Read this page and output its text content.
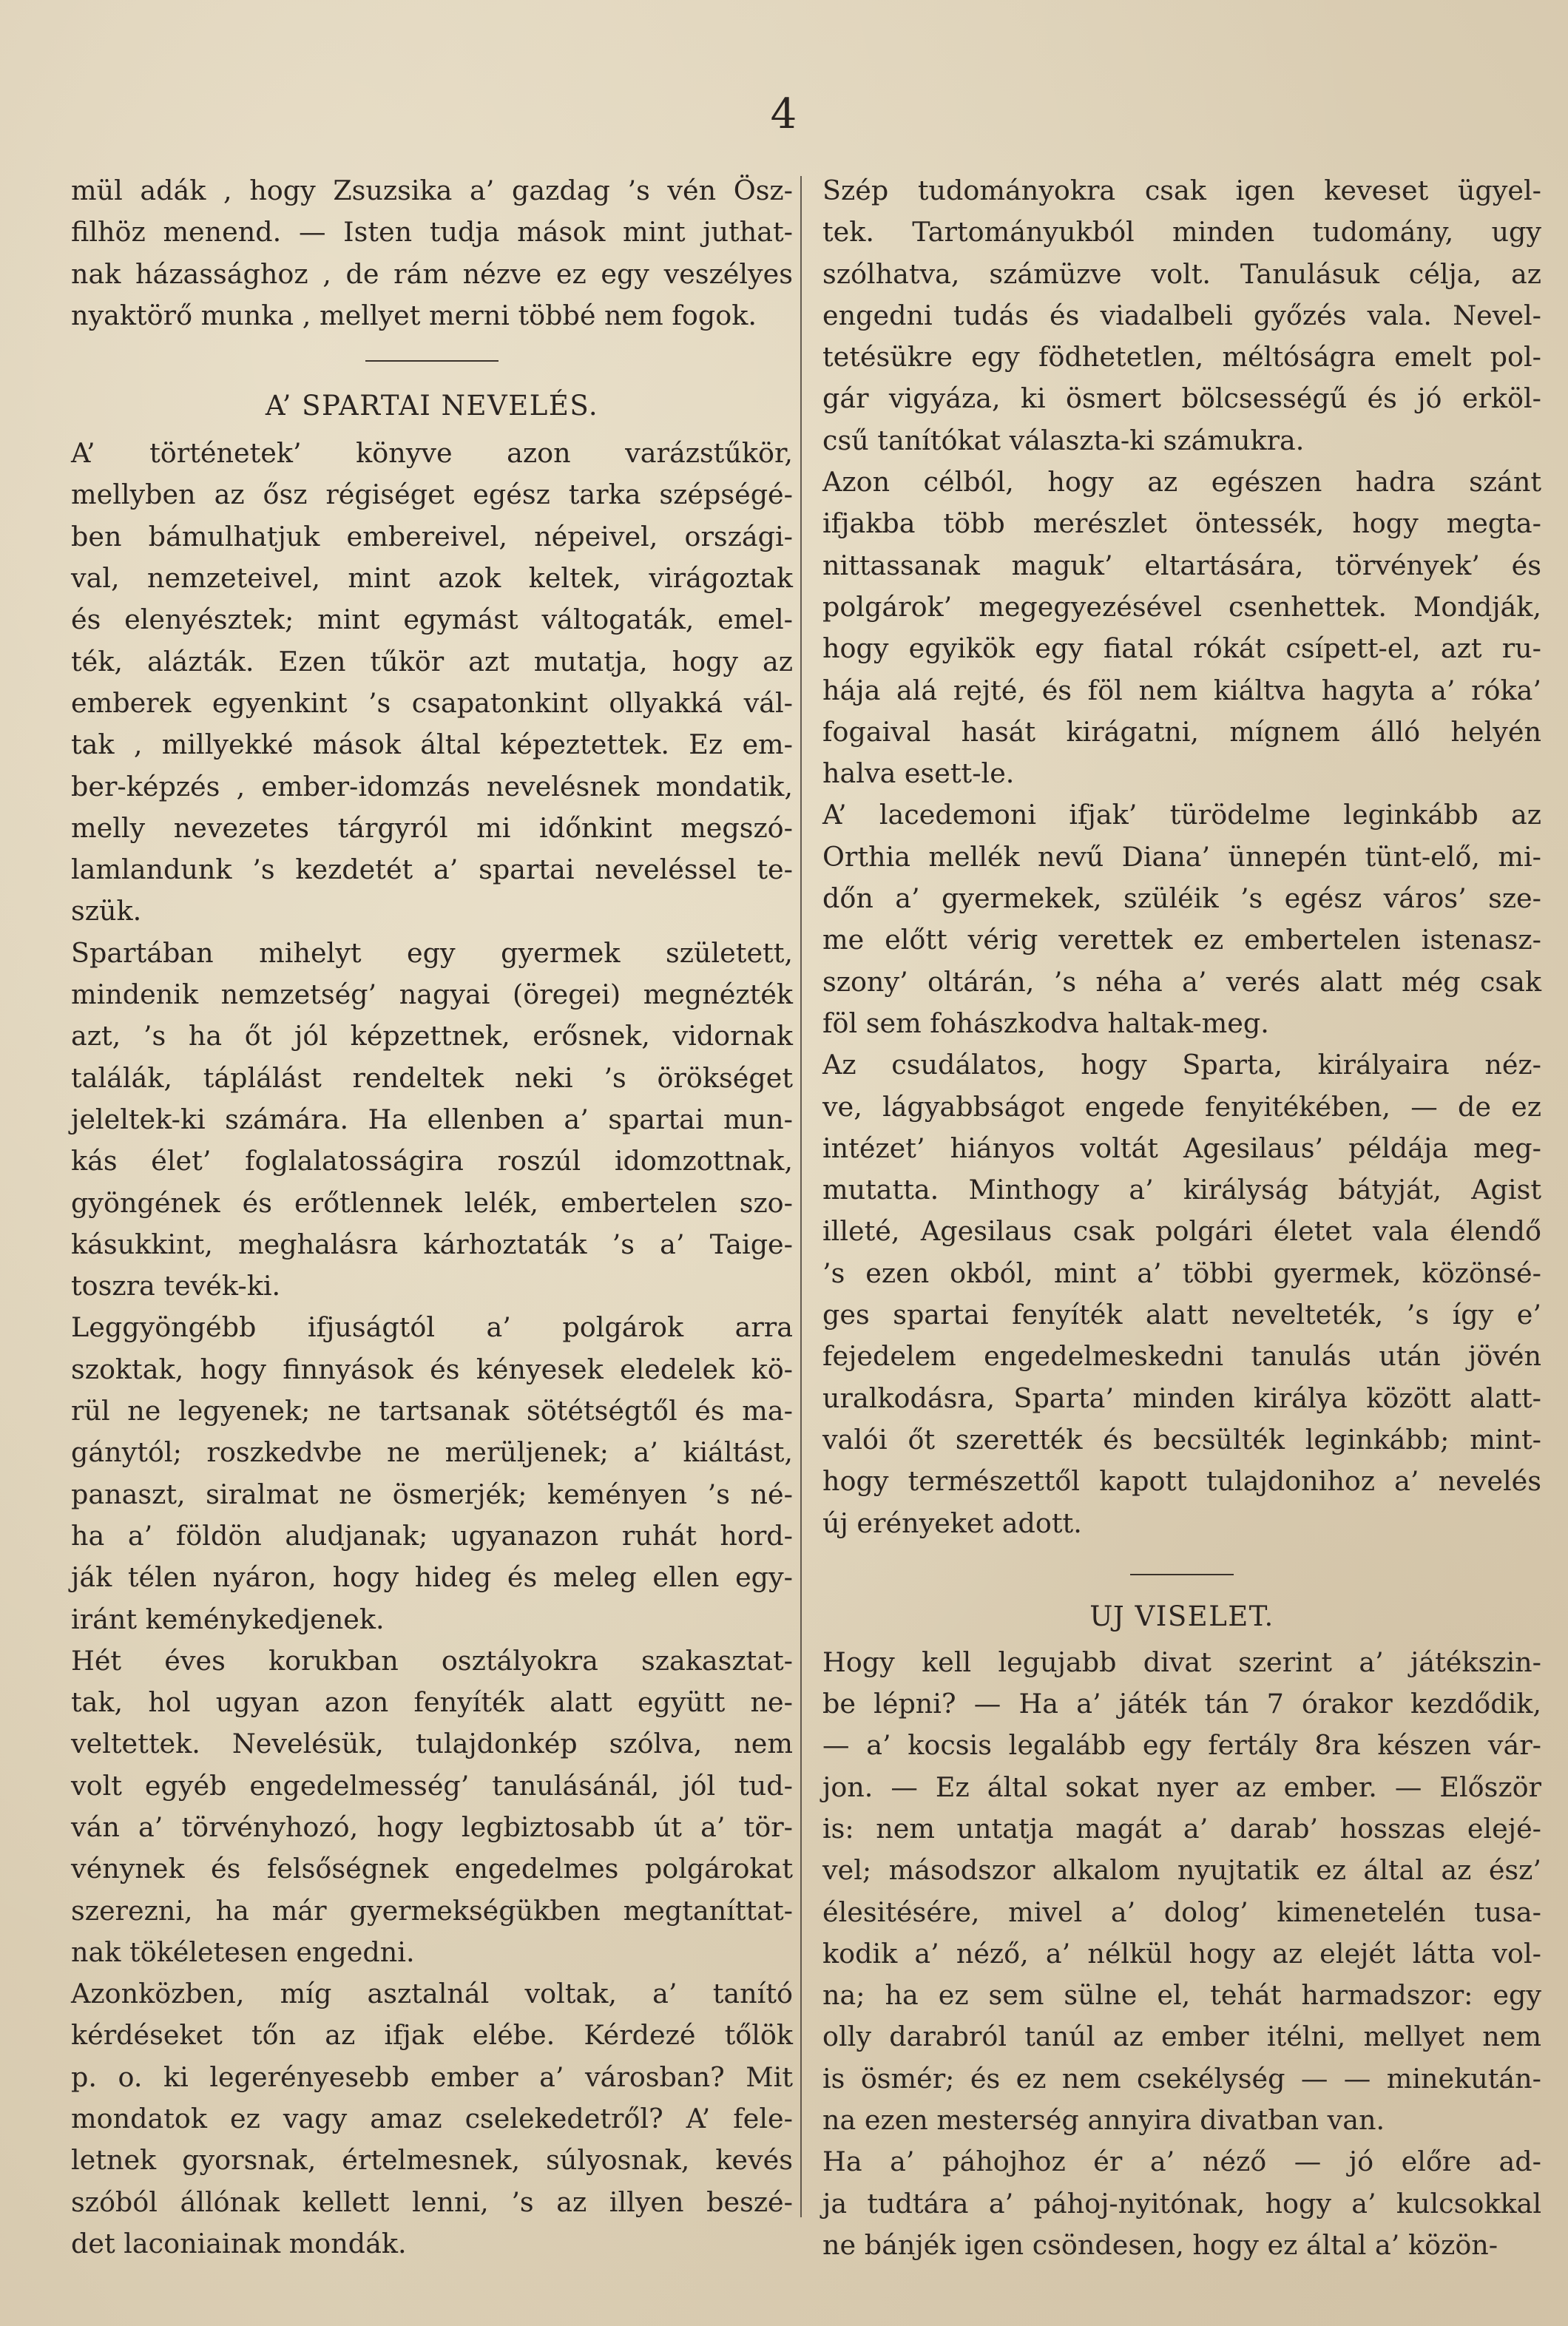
4
mül adák , hogy Zsuzsika a’ gazdag ’s vén Ösz-
filhöz menend. — Isten tudja mások mint juthat-
nak házassághoz , de rám nézve ez egy veszélyes
nyaktörő munka , mellyet merni többé nem fogok.
A’ SPARTAI NEVELÉS.
A’ történetek’ könyve azon varázstűkör,
mellyben az ősz régiséget egész tarka szépségé-
ben bámulhatjuk embereivel, népeivel, országi-
val, nemzeteivel, mint azok keltek, virágoztak
és elenyésztek; mint egymást váltogaták, emel-
ték, alázták. Ezen tűkör azt mutatja, hogy az
emberek egyenkint ’s csapatonkint ollyakká vál-
tak , millyekké mások által képeztettek. Ez em-
ber-képzés , ember-idomzás nevelésnek mondatik,
melly nevezetes tárgyról mi időnkint megszó-
lamlandunk ’s kezdetét a’ spartai neveléssel te-
szük.
Spartában mihelyt egy gyermek született,
mindenik nemzetség’ nagyai (öregei) megnézték
azt, ’s ha őt jól képzettnek, erősnek, vidornak
találák, táplálást rendeltek neki ’s örökséget
jeleltek-ki számára. Ha ellenben a’ spartai mun-
kás élet’ foglalatosságira roszúl idomzottnak,
gyöngének és erőtlennek lelék, embertelen szo-
kásukkint, meghalásra kárhoztaták ’s a’ Taige-
toszra tevék-ki.
Leggyöngébb ifjuságtól a’ polgárok arra
szoktak, hogy finnyások és kényesek eledelek kö-
rül ne legyenek; ne tartsanak sötétségtől és ma-
gánytól; roszkedvbe ne merüljenek; a’ kiáltást,
panaszt, siralmat ne ösmerjék; keményen ’s né-
ha a’ földön aludjanak; ugyanazon ruhát hord-
ják télen nyáron, hogy hideg és meleg ellen egy-
iránt keménykedjenek.
Hét éves korukban osztályokra szakasztat-
tak, hol ugyan azon fenyíték alatt együtt ne-
veltettek. Nevelésük, tulajdonkép szólva, nem
volt egyéb engedelmesség’ tanulásánál, jól tud-
ván a’ törvényhozó, hogy legbiztosabb út a’ tör-
vénynek és felsőségnek engedelmes polgárokat
szerezni, ha már gyermekségükben megtaníttat-
nak tökéletesen engedni.
Azonközben, míg asztalnál voltak, a’ tanító
kérdéseket tőn az ifjak elébe. Kérdezé tőlök
p. o. ki legerényesebb ember a’ városban? Mit
mondatok ez vagy amaz cselekedetről? A’ fele-
letnek gyorsnak, értelmesnek, súlyosnak, kevés
szóból állónak kellett lenni, ’s az illyen beszé-
det laconiainak mondák.
Szép tudományokra csak igen keveset ügyel-
tek. Tartományukból minden tudomány, ugy
szólhatva, számüzve volt. Tanulásuk célja, az
engedni tudás és viadalbeli győzés vala. Nevel-
tetésükre egy födhetetlen, méltóságra emelt pol-
gár vigyáza, ki ösmert bölcsességű és jó erköl-
csű tanítókat választa-ki számukra.
Azon célból, hogy az egészen hadra szánt
ifjakba több merészlet öntessék, hogy megta-
nittassanak maguk’ eltartására, törvények’ és
polgárok’ megegyezésével csenhettek. Mondják,
hogy egyikök egy fiatal rókát csípett-el, azt ru-
hája alá rejté, és föl nem kiáltva hagyta a’ róka’
fogaival hasát kirágatni, mígnem álló helyén
halva esett-le.
A’ lacedemoni ifjak’ türödelme leginkább az
Orthia mellék nevű Diana’ ünnepén tünt-elő, mi-
dőn a’ gyermekek, szüléik ’s egész város’ sze-
me előtt vérig verettek ez embertelen istenasz-
szony’ oltárán, ’s néha a’ verés alatt még csak
föl sem fohászkodva haltak-meg.
Az csudálatos, hogy Sparta, királyaira néz-
ve, lágyabbságot engede fenyitékében, — de ez
intézet’ hiányos voltát Agesilaus’ példája meg-
mutatta. Minthogy a’ királyság bátyját, Agist
illeté, Agesilaus csak polgári életet vala élendő
’s ezen okból, mint a’ többi gyermek, közönsé-
ges spartai fenyíték alatt nevelteték, ’s így e’
fejedelem engedelmeskedni tanulás után jövén
uralkodásra, Sparta’ minden királya között alatt-
valói őt szerették és becsülték leginkább; mint-
hogy természettől kapott tulajdonihoz a’ nevelés
új erényeket adott.
UJ VISELET.
Hogy kell legujabb divat szerint a’ játékszin-
be lépni? — Ha a’ játék tán 7 órakor kezdődik,
— a’ kocsis legalább egy fertály 8ra készen vár-
jon. — Ez által sokat nyer az ember. — Először
is: nem untatja magát a’ darab’ hosszas elejé-
vel; másodszor alkalom nyujtatik ez által az ész’
élesitésére, mivel a’ dolog’ kimenetelén tusa-
kodik a’ néző, a’ nélkül hogy az elejét látta vol-
na; ha ez sem sülne el, tehát harmadszor: egy
olly darabról tanúl az ember itélni, mellyet nem
is ösmér; és ez nem csekélység — — minekután-
na ezen mesterség annyira divatban van.
Ha a’ páhojhoz ér a’ néző — jó előre ad-
ja tudtára a’ páhoj-nyitónak, hogy a’ kulcsokkal
ne bánjék igen csöndesen, hogy ez által a’ közön-
